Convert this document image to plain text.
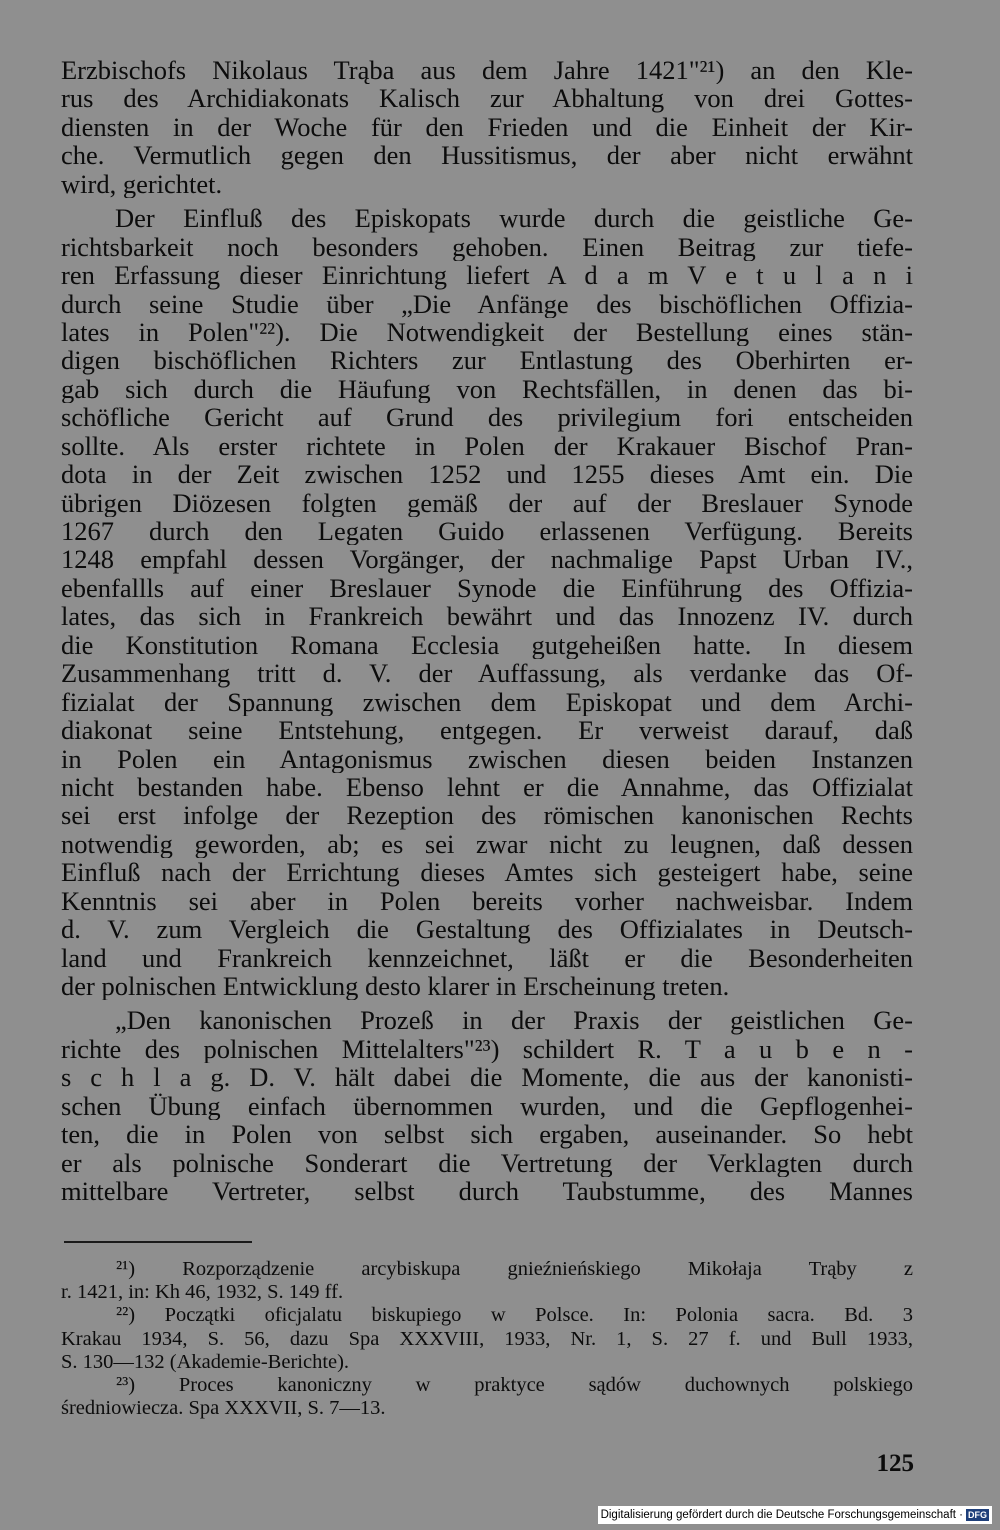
Erzbischofs Nikolaus Trąba aus dem Jahre 1421"²¹) an den Kle-
rus des Archidiakonats Kalisch zur Abhaltung von drei Gottes-
diensten in der Woche für den Frieden und die Einheit der Kir-
che. Vermutlich gegen den Hussitismus, der aber nicht erwähnt
wird, gerichtet.
Der Einfluß des Episkopats wurde durch die geistliche Ge-
richtsbarkeit noch besonders gehoben. Einen Beitrag zur tiefe-
ren Erfassung dieser Einrichtung liefert A d a m V e t u l a n i
durch seine Studie über „Die Anfänge des bischöflichen Offizia-
lates in Polen"²²). Die Notwendigkeit der Bestellung eines stän-
digen bischöflichen Richters zur Entlastung des Oberhirten er-
gab sich durch die Häufung von Rechtsfällen, in denen das bi-
schöfliche Gericht auf Grund des privilegium fori entscheiden
sollte. Als erster richtete in Polen der Krakauer Bischof Pran-
dota in der Zeit zwischen 1252 und 1255 dieses Amt ein. Die
übrigen Diözesen folgten gemäß der auf der Breslauer Synode
1267 durch den Legaten Guido erlassenen Verfügung. Bereits
1248 empfahl dessen Vorgänger, der nachmalige Papst Urban IV.,
ebenfallls auf einer Breslauer Synode die Einführung des Offizia-
lates, das sich in Frankreich bewährt und das Innozenz IV. durch
die Konstitution Romana Ecclesia gutgeheißen hatte. In diesem
Zusammenhang tritt d. V. der Auffassung, als verdanke das Of-
fizialat der Spannung zwischen dem Episkopat und dem Archi-
diakonat seine Entstehung, entgegen. Er verweist darauf, daß
in Polen ein Antagonismus zwischen diesen beiden Instanzen
nicht bestanden habe. Ebenso lehnt er die Annahme, das Offizialat
sei erst infolge der Rezeption des römischen kanonischen Rechts
notwendig geworden, ab; es sei zwar nicht zu leugnen, daß dessen
Einfluß nach der Errichtung dieses Amtes sich gesteigert habe, seine
Kenntnis sei aber in Polen bereits vorher nachweisbar. Indem
d. V. zum Vergleich die Gestaltung des Offizialates in Deutsch-
land und Frankreich kennzeichnet, läßt er die Besonderheiten
der polnischen Entwicklung desto klarer in Erscheinung treten.
„Den kanonischen Prozeß in der Praxis der geistlichen Ge-
richte des polnischen Mittelalters"²³) schildert R. T a u b e n -
s c h l a g. D. V. hält dabei die Momente, die aus der kanonisti-
schen Übung einfach übernommen wurden, und die Gepflogenhei-
ten, die in Polen von selbst sich ergaben, auseinander. So hebt
er als polnische Sonderart die Vertretung der Verklagten durch
mittelbare Vertreter, selbst durch Taubstumme, des Mannes
²¹) Rozporządzenie arcybiskupa gnieźnieńskiego Mikołaja Trąby z
r. 1421, in: Kh 46, 1932, S. 149 ff.
²²) Początki oficjalatu biskupiego w Polsce. In: Polonia sacra. Bd. 3
Krakau 1934, S. 56, dazu Spa XXXVIII, 1933, Nr. 1, S. 27 f. und Bull 1933,
S. 130—132 (Akademie-Berichte).
²³) Proces kanoniczny w praktyce sądów duchownych polskiego
średniowiecza. Spa XXXVII, S. 7—13.
125
Digitalisierung gefördert durch die Deutsche Forschungsgemeinschaft · DFG
